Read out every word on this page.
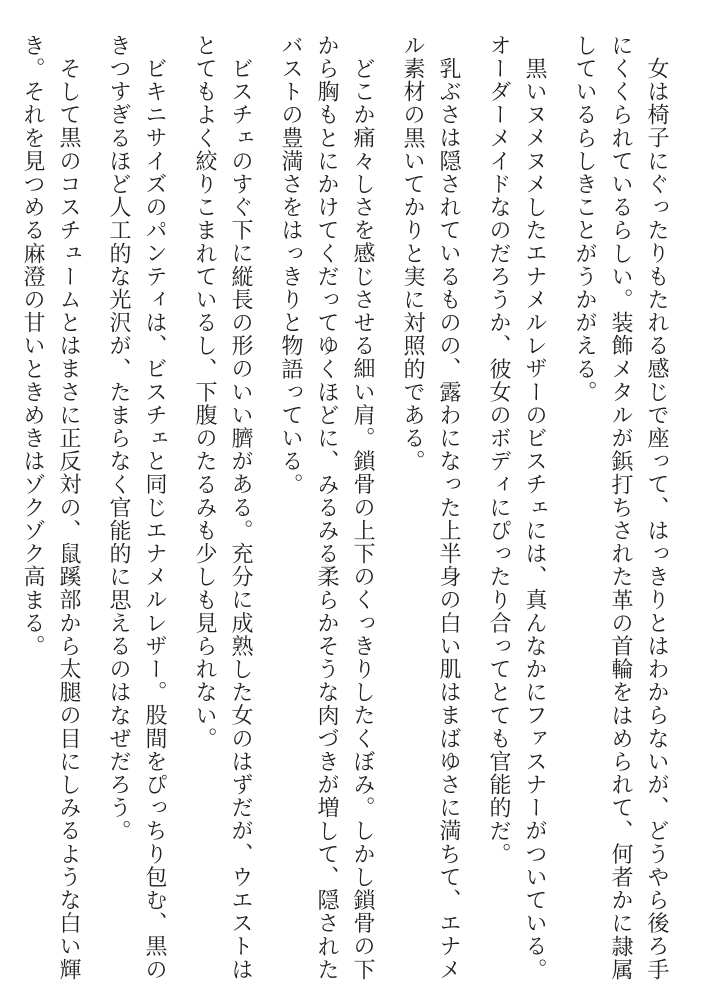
女は椅子にぐったりもたれる感じで座って、はっきりとはわからないが、どうやら後ろ手
にくくられているらしい。装飾メタルが鋲打ちされた革の首輪をはめられて、何者かに隷属
しているらしきことがうかがえる。
黒いヌメヌメしたエナメルレザーのビスチェには、真んなかにファスナーがついている。
オーダーメイドなのだろうか、彼女のボディにぴったり合ってとても官能的だ。
乳ぶさは隠されているものの、露わになった上半身の白い肌はまばゆさに満ちて、エナメ
ル素材の黒いてかりと実に対照的である。
どこか痛々しさを感じさせる細い肩。鎖骨の上下のくっきりしたくぼみ。しかし鎖骨の下
から胸もとにかけてくだってゆくほどに、みるみる柔らかそうな肉づきが増して、隠された
バストの豊満さをはっきりと物語っている。
ビスチェのすぐ下に縦長の形のいい臍がある。充分に成熟した女のはずだが、ウエストは
とてもよく絞りこまれているし、下腹のたるみも少しも見られない。
ビキニサイズのパンティは、ビスチェと同じエナメルレザー。股間をぴっちり包む、黒の
きつすぎるほど人工的な光沢が、たまらなく官能的に思えるのはなぜだろう。
そして黒のコスチュームとはまさに正反対の、鼠蹊部から太腿の目にしみるような白い輝
き。それを見つめる麻澄の甘いときめきはゾクゾク高まる。
